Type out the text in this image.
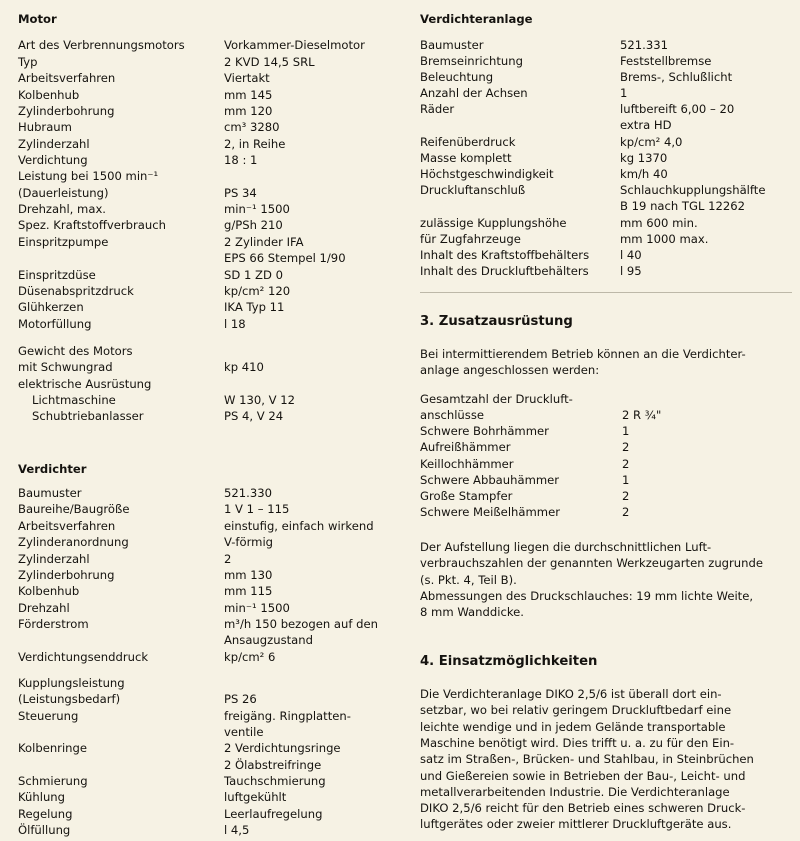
Motor
Art des Verbrennungsmotors	Vorkammer-Dieselmotor
Typ	2 KVD 14,5 SRL
Arbeitsverfahren	Viertakt
Kolbenhub	mm 145
Zylinderbohrung	mm 120
Hubraum	cm³ 3280
Zylinderzahl	2, in Reihe
Verdichtung	18 : 1
Leistung bei 1500 min⁻¹
(Dauerleistung)	PS 34
Drehzahl, max.	min⁻¹ 1500
Spez. Kraftstoffverbrauch	g/PSh 210
Einspritzpumpe	2 Zylinder IFA
EPS 66 Stempel 1/90
Einspritzdüse	SD 1 ZD 0
Düsenabspritzdruck	kp/cm² 120
Glühkerzen	IKA Typ 11
Motorfüllung	l 18
Gewicht des Motors
mit Schwungrad	kp 410
elektrische Ausrüstung
Lichtmaschine	W 130, V 12
Schubtriebanlasser	PS 4, V 24
Verdichter
Baumuster	521.330
Baureihe/Baugröße	1 V 1 – 115
Arbeitsverfahren	einstufig, einfach wirkend
Zylinderanordnung	V-förmig
Zylinderzahl	2
Zylinderbohrung	mm 130
Kolbenhub	mm 115
Drehzahl	min⁻¹ 1500
Förderstrom	m³/h 150 bezogen auf den
Ansaugzustand
Verdichtungsenddruck	kp/cm² 6
Kupplungsleistung
(Leistungsbedarf)	PS 26
Steuerung	freigäng. Ringplatten-
ventile
Kolbenringe	2 Verdichtungsringe
2 Ölabstreifringe
Schmierung	Tauchschmierung
Kühlung	luftgekühlt
Regelung	Leerlaufregelung
Ölfüllung	l 4,5
Verdichteranlage
Baumuster	521.331
Bremseinrichtung	Feststellbremse
Beleuchtung	Brems-, Schlußlicht
Anzahl der Achsen	1
Räder	luftbereift 6,00 – 20
extra HD
Reifenüberdruck	kp/cm² 4,0
Masse komplett	kg 1370
Höchstgeschwindigkeit	km/h 40
Druckluftanschluß	Schlauchkupplungshälfte
B 19 nach TGL 12262
zulässige Kupplungshöhe	mm 600 min.
für Zugfahrzeuge	mm 1000 max.
Inhalt des Kraftstoffbehälters	l 40
Inhalt des Druckluftbehälters	l 95
3. Zusatzausrüstung
Bei intermittierendem Betrieb können an die Verdichter-
anlage angeschlossen werden:
Gesamtzahl der Druckluft-
anschlüsse	2 R ¾"
Schwere Bohrhämmer	1
Aufreißhämmer	2
Keillochhämmer	2
Schwere Abbauhämmer	1
Große Stampfer	2
Schwere Meißelhämmer	2
Der Aufstellung liegen die durchschnittlichen Luft-
verbrauchszahlen der genannten Werkzeugarten zugrunde
(s. Pkt. 4, Teil B).
Abmessungen des Druckschlauches: 19 mm lichte Weite,
8 mm Wanddicke.
4. Einsatzmöglichkeiten
Die Verdichteranlage DIKO 2,5/6 ist überall dort ein-
setzbar, wo bei relativ geringem Druckluftbedarf eine
leichte wendige und in jedem Gelände transportable
Maschine benötigt wird. Dies trifft u. a. zu für den Ein-
satz im Straßen-, Brücken- und Stahlbau, in Steinbrüchen
und Gießereien sowie in Betrieben der Bau-, Leicht- und
metallverarbeitenden Industrie. Die Verdichteranlage
DIKO 2,5/6 reicht für den Betrieb eines schweren Druck-
luftgerätes oder zweier mittlerer Druckluftgeräte aus.
